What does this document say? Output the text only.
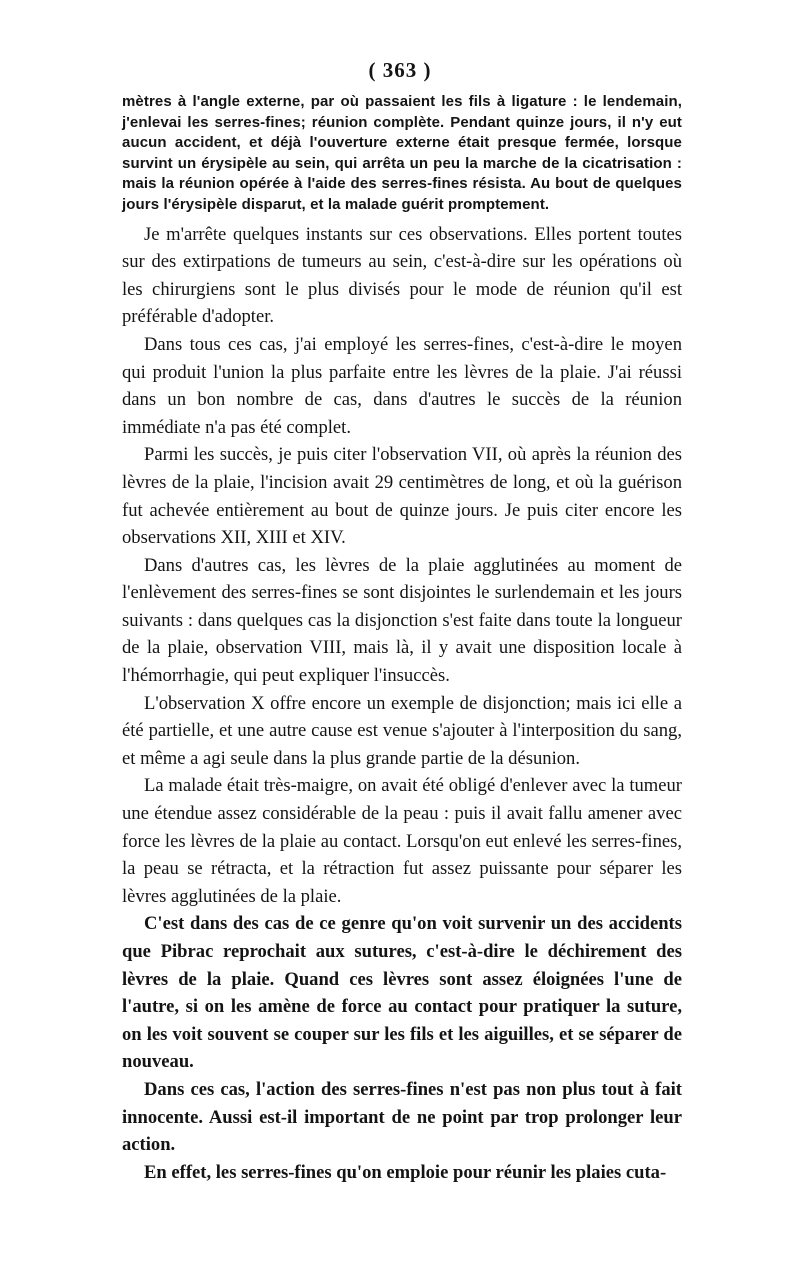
( 363 )

mètres à l'angle externe, par où passaient les fils à ligature : le lendemain, j'enlevai les serres-fines; réunion complète. Pendant quinze jours, il n'y eut aucun accident, et déjà l'ouverture externe était presque fermée, lorsque survint un érysipèle au sein, qui arrêta un peu la marche de la cicatrisation : mais la réunion opérée à l'aide des serres-fines résista. Au bout de quelques jours l'érysipèle disparut, et la malade guérit promptement.

Je m'arrête quelques instants sur ces observations. Elles portent toutes sur des extirpations de tumeurs au sein, c'est-à-dire sur les opérations où les chirurgiens sont le plus divisés pour le mode de réunion qu'il est préférable d'adopter.

Dans tous ces cas, j'ai employé les serres-fines, c'est-à-dire le moyen qui produit l'union la plus parfaite entre les lèvres de la plaie. J'ai réussi dans un bon nombre de cas, dans d'autres le succès de la réunion immédiate n'a pas été complet.

Parmi les succès, je puis citer l'observation VII, où après la réunion des lèvres de la plaie, l'incision avait 29 centimètres de long, et où la guérison fut achevée entièrement au bout de quinze jours. Je puis citer encore les observations XII, XIII et XIV.

Dans d'autres cas, les lèvres de la plaie agglutinées au moment de l'enlèvement des serres-fines se sont disjointes le surlendemain et les jours suivants : dans quelques cas la disjonction s'est faite dans toute la longueur de la plaie, observation VIII, mais là, il y avait une disposition locale à l'hémorrhagie, qui peut expliquer l'insuccès.

L'observation X offre encore un exemple de disjonction; mais ici elle a été partielle, et une autre cause est venue s'ajouter à l'interposition du sang, et même a agi seule dans la plus grande partie de la désunion.

La malade était très-maigre, on avait été obligé d'enlever avec la tumeur une étendue assez considérable de la peau : puis il avait fallu amener avec force les lèvres de la plaie au contact. Lorsqu'on eut enlevé les serres-fines, la peau se rétracta, et la rétraction fut assez puissante pour séparer les lèvres agglutinées de la plaie.

C'est dans des cas de ce genre qu'on voit survenir un des accidents que Pibrac reprochait aux sutures, c'est-à-dire le déchirement des lèvres de la plaie. Quand ces lèvres sont assez éloignées l'une de l'autre, si on les amène de force au contact pour pratiquer la suture, on les voit souvent se couper sur les fils et les aiguilles, et se séparer de nouveau.

Dans ces cas, l'action des serres-fines n'est pas non plus tout à fait innocente. Aussi est-il important de ne point par trop prolonger leur action.

En effet, les serres-fines qu'on emploie pour réunir les plaies cuta-
